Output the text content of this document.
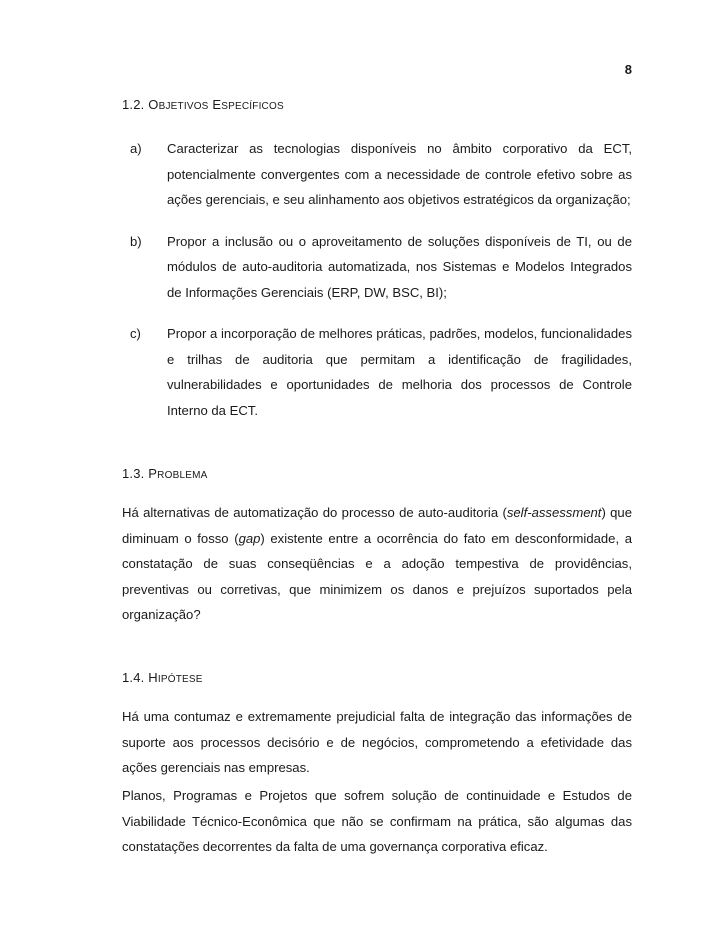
8
1.2. OBJETIVOS ESPECÍFICOS
a) Caracterizar as tecnologias disponíveis no âmbito corporativo da ECT, potencialmente convergentes com a necessidade de controle efetivo sobre as ações gerenciais, e seu alinhamento aos objetivos estratégicos da organização;
b) Propor a inclusão ou o aproveitamento de soluções disponíveis de TI, ou de módulos de auto-auditoria automatizada, nos Sistemas e Modelos Integrados de Informações Gerenciais (ERP, DW, BSC, BI);
c) Propor a incorporação de melhores práticas, padrões, modelos, funcionalidades e trilhas de auditoria que permitam a identificação de fragilidades, vulnerabilidades e oportunidades de melhoria dos processos de Controle Interno da ECT.
1.3. PROBLEMA

Há alternativas de automatização do processo de auto-auditoria (self-assessment) que diminuam o fosso (gap) existente entre a ocorrência do fato em desconformidade, a constatação de suas conseqüências e a adoção tempestiva de providências, preventivas ou corretivas, que minimizem os danos e prejuízos suportados pela organização?

1.4. HIPÓTESE

Há uma contumaz e extremamente prejudicial falta de integração das informações de suporte aos processos decisório e de negócios, comprometendo a efetividade das ações gerenciais nas empresas.

Planos, Programas e Projetos que sofrem solução de continuidade e Estudos de Viabilidade Técnico-Econômica que não se confirmam na prática, são algumas das constatações decorrentes da falta de uma governança corporativa eficaz.
